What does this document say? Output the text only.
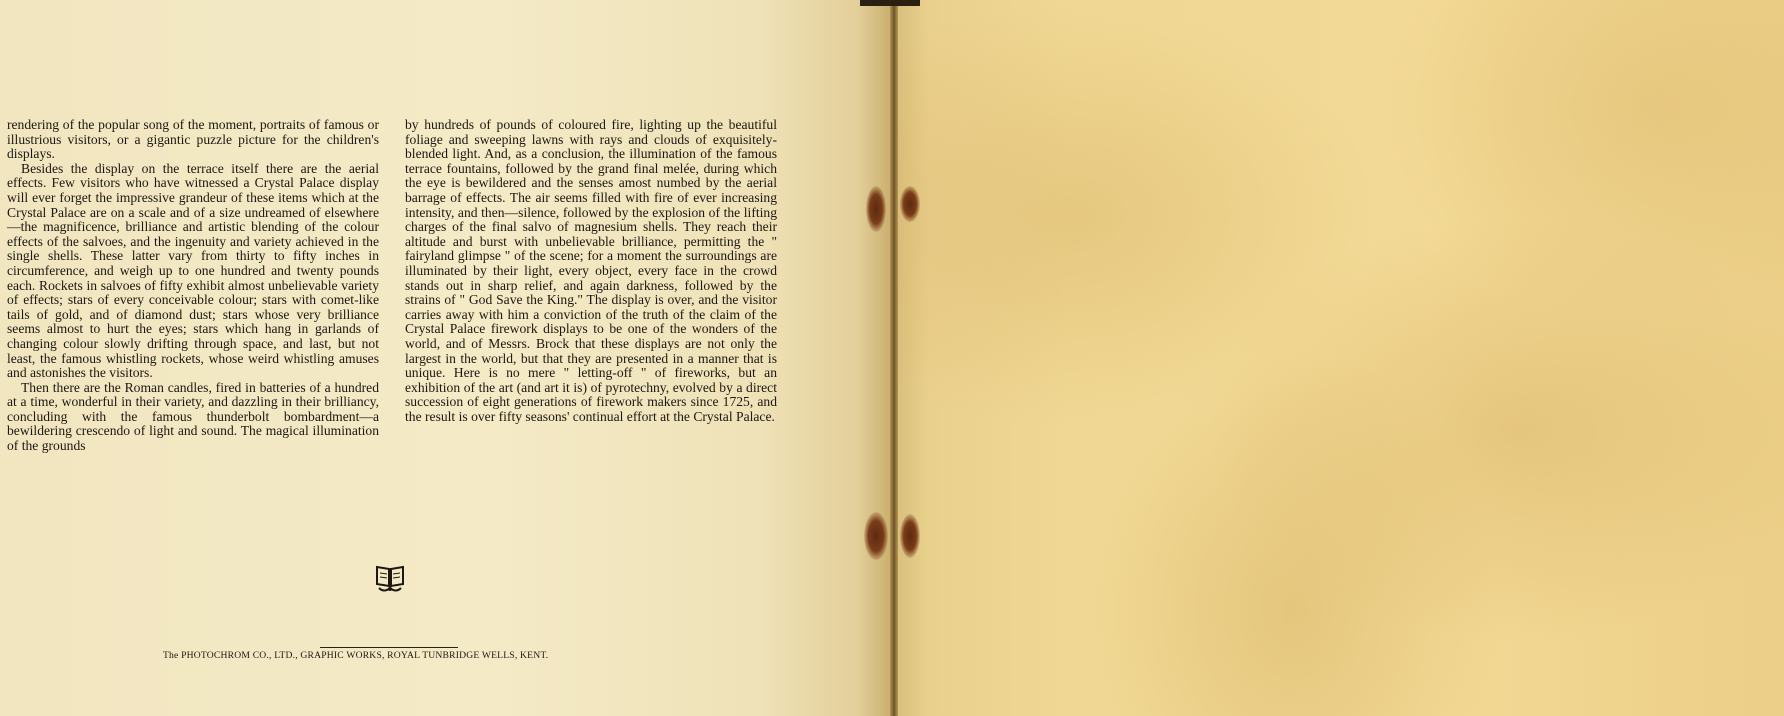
rendering of the popular song of the moment, portraits of famous or illustrious visitors, or a gigantic puzzle picture for the children's displays.

Besides the display on the terrace itself there are the aerial effects. Few visitors who have witnessed a Crystal Palace display will ever forget the impressive grandeur of these items which at the Crystal Palace are on a scale and of a size undreamed of elsewhere—the magnificence, brilliance and artistic blending of the colour effects of the salvoes, and the ingenuity and variety achieved in the single shells. These latter vary from thirty to fifty inches in circumference, and weigh up to one hundred and twenty pounds each. Rockets in salvoes of fifty exhibit almost unbelievable variety of effects; stars of every conceivable colour; stars with comet-like tails of gold, and of diamond dust; stars whose very brilliance seems almost to hurt the eyes; stars which hang in garlands of changing colour slowly drifting through space, and last, but not least, the famous whistling rockets, whose weird whistling amuses and astonishes the visitors.

Then there are the Roman candles, fired in batteries of a hundred at a time, wonderful in their variety, and dazzling in their brilliancy, concluding with the famous thunderbolt bombardment—a bewildering crescendo of light and sound. The magical illumination of the grounds

by hundreds of pounds of coloured fire, lighting up the beautiful foliage and sweeping lawns with rays and clouds of exquisitely-blended light. And, as a conclusion, the illumination of the famous terrace fountains, followed by the grand final melée, during which the eye is bewildered and the senses amost numbed by the aerial barrage of effects. The air seems filled with fire of ever increasing intensity, and then—silence, followed by the explosion of the lifting charges of the final salvo of magnesium shells. They reach their altitude and burst with unbelievable brilliance, permitting the " fairyland glimpse " of the scene; for a moment the surroundings are illuminated by their light, every object, every face in the crowd stands out in sharp relief, and again darkness, followed by the strains of " God Save the King." The display is over, and the visitor carries away with him a conviction of the truth of the claim of the Crystal Palace firework displays to be one of the wonders of the world, and of Messrs. Brock that these displays are not only the largest in the world, but that they are presented in a manner that is unique. Here is no mere " letting-off " of fireworks, but an exhibition of the art (and art it is) of pyrotechny, evolved by a direct succession of eight generations of firework makers since 1725, and the result is over fifty seasons' continual effort at the Crystal Palace.

The PHOTOCHROM CO., LTD., GRAPHIC WORKS, ROYAL TUNBRIDGE WELLS, KENT.
